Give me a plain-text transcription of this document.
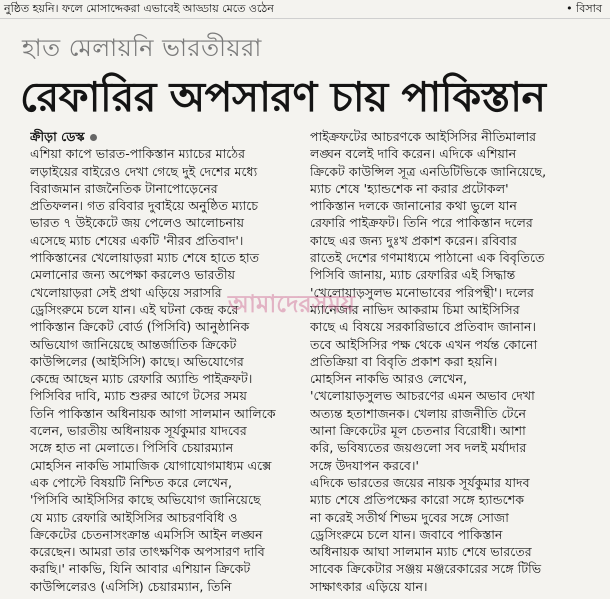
নুষ্ঠিত হয়নি। ফলে মোসাদ্দেকরা এভাবেই আড্ডায় মেতে ওঠেন	• বিসাব
হাত মেলায়নি ভারতীয়রা
রেফারির অপসারণ চায় পাকিস্তান

ক্রীড়া ডেস্ক

এশিয়া কাপে ভারত-পাকিস্তান ম্যাচের মাঠের

লড়াইয়ের বাইরেও দেখা গেছে দুই দেশের মধ্যে

বিরাজমান রাজনৈতিক টানাপোড়েনের

প্রতিফলন। গত রবিবার দুবাইয়ে অনুষ্ঠিত ম্যাচে

ভারত ৭ উইকেটে জয় পেলেও আলোচনায়

এসেছে ম্যাচ শেষের একটি 'নীরব প্রতিবাদ'।

পাকিস্তানের খেলোয়াড়রা ম্যাচ শেষে হাতে হাত

মেলানোর জন্য অপেক্ষা করলেও ভারতীয়

খেলোয়াড়রা সেই প্রথা এড়িয়ে সরাসরি

ড্রেসিংরুমে চলে যান। এই ঘটনা কেন্দ্র করে

পাকিস্তান ক্রিকেট বোর্ড (পিসিবি) আনুষ্ঠানিক

অভিযোগ জানিয়েছে আন্তর্জাতিক ক্রিকেট

কাউন্সিলের (আইসিসি) কাছে। অভিযোগের

কেন্দ্রে আছেন ম্যাচ রেফারি অ্যান্ডি পাইক্রফট।

পিসিবির দাবি, ম্যাচ শুরুর আগে টসের সময়

তিনি পাকিস্তান অধিনায়ক আগা সালমান আলিকে

বলেন, ভারতীয় অধিনায়ক সূর্যকুমার যাদবের

সঙ্গে হাত না মেলাতে। পিসিবি চেয়ারম্যান

মোহসিন নাকভি সামাজিক যোগাযোগমাধ্যম এক্সে

এক পোস্টে বিষয়টি নিশ্চিত করে লেখেন,

'পিসিবি আইসিসির কাছে অভিযোগ জানিয়েছে

যে ম্যাচ রেফারি আইসিসির আচরণবিধি ও

ক্রিকেটের চেতনাসংক্রান্ত এমসিসি আইন লঙ্ঘন

করেছেন। আমরা তার তাৎক্ষণিক অপসারণ দাবি

করছি।' নাকভি, যিনি আবার এশিয়ান ক্রিকেট

কাউন্সিলেরও (এসিসি) চেয়ারম্যান, তিনি

পাইক্রফটের আচরণকে আইসিসির নীতিমালার

লঙ্ঘন বলেই দাবি করেন। এদিকে এশিয়ান

ক্রিকেট কাউন্সিল সূত্র এনডিটিভিকে জানিয়েছে,

ম্যাচ শেষে 'হ্যান্ডশেক না করার প্রটোকল'

পাকিস্তান দলকে জানানোর কথা ভুলে যান

রেফারি পাইক্রফট। তিনি পরে পাকিস্তান দলের

কাছে এর জন্য দুঃখ প্রকাশ করেন। রবিবার

রাতেই দেশের গণমাধ্যমে পাঠানো এক বিবৃতিতে

পিসিবি জানায়, ম্যাচ রেফারির এই সিদ্ধান্ত

'খেলোয়াড়সুলভ মনোভাবের পরিপন্থী'। দলের

ম্যানেজার নাভিদ আকরাম চিমা আইসিসির

কাছে এ বিষয়ে সরকারিভাবে প্রতিবাদ জানান।

তবে আইসিসির পক্ষ থেকে এখন পর্যন্ত কোনো

প্রতিক্রিয়া বা বিবৃতি প্রকাশ করা হয়নি।

মোহসিন নাকভি আরও লেখেন,

'খেলোয়াড়সুলভ আচরণের এমন অভাব দেখা

অত্যন্ত হতাশাজনক। খেলায় রাজনীতি টেনে

আনা ক্রিকেটের মূল চেতনার বিরোধী। আশা

করি, ভবিষ্যতের জয়গুলো সব দলই মর্যাদার

সঙ্গে উদযাপন করবে।'

এদিকে ভারতের জয়ের নায়ক সূর্যকুমার যাদব

ম্যাচ শেষে প্রতিপক্ষের কারো সঙ্গে হ্যান্ডশেক

না করেই সতীর্থ শিভম দুবের সঙ্গে সোজা

ড্রেসিংরুমে চলে যান। জবাবে পাকিস্তান

অধিনায়ক আঘা সালমান ম্যাচ শেষে ভারতের

সাবেক ক্রিকেটার সঞ্জয় মঞ্জরেকারের সঙ্গে টিভি

সাক্ষাৎকার এড়িয়ে যান।

আমাদেরসময়
